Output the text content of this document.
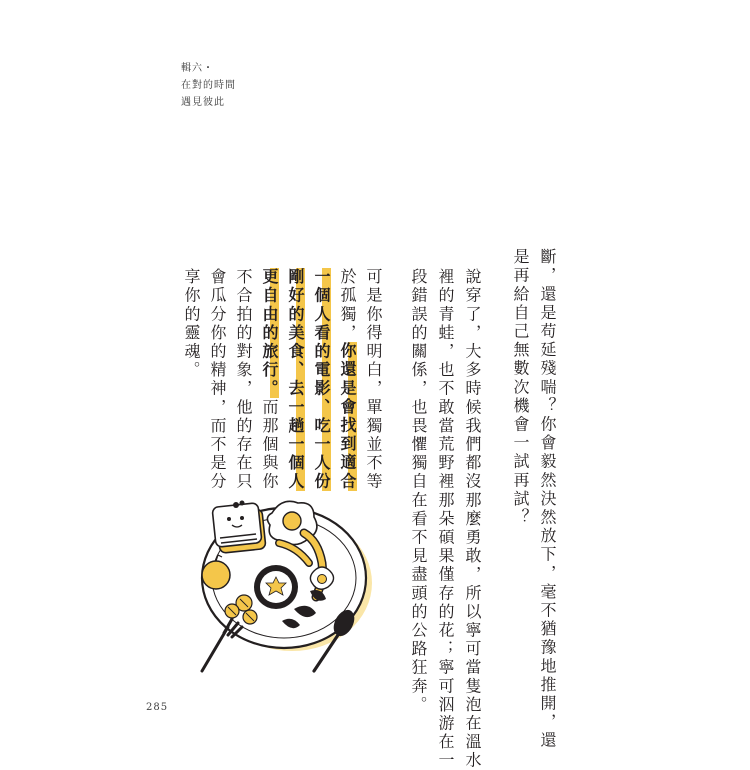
輯六・
在對的時間
遇見彼此
斷，還是苟延殘喘？你會毅然決然放下，毫不猶豫地推開，還
是再給自己無數次機會一試再試？
說穿了，大多時候我們都沒那麼勇敢，所以寧可當隻泡在溫水
裡的青蛙，也不敢當荒野裡那朵碩果僅存的花；寧可泅游在一
段錯誤的關係，也畏懼獨自在看不見盡頭的公路狂奔。
可是你得明白，單獨並不等
於孤獨，你還是會找到適合
一個人看的電影、吃一人份
剛好的美食、去一趟一個人
更自由的旅行。而那個與你
不合拍的對象，他的存在只
會瓜分你的精神，而不是分
享你的靈魂。
285
